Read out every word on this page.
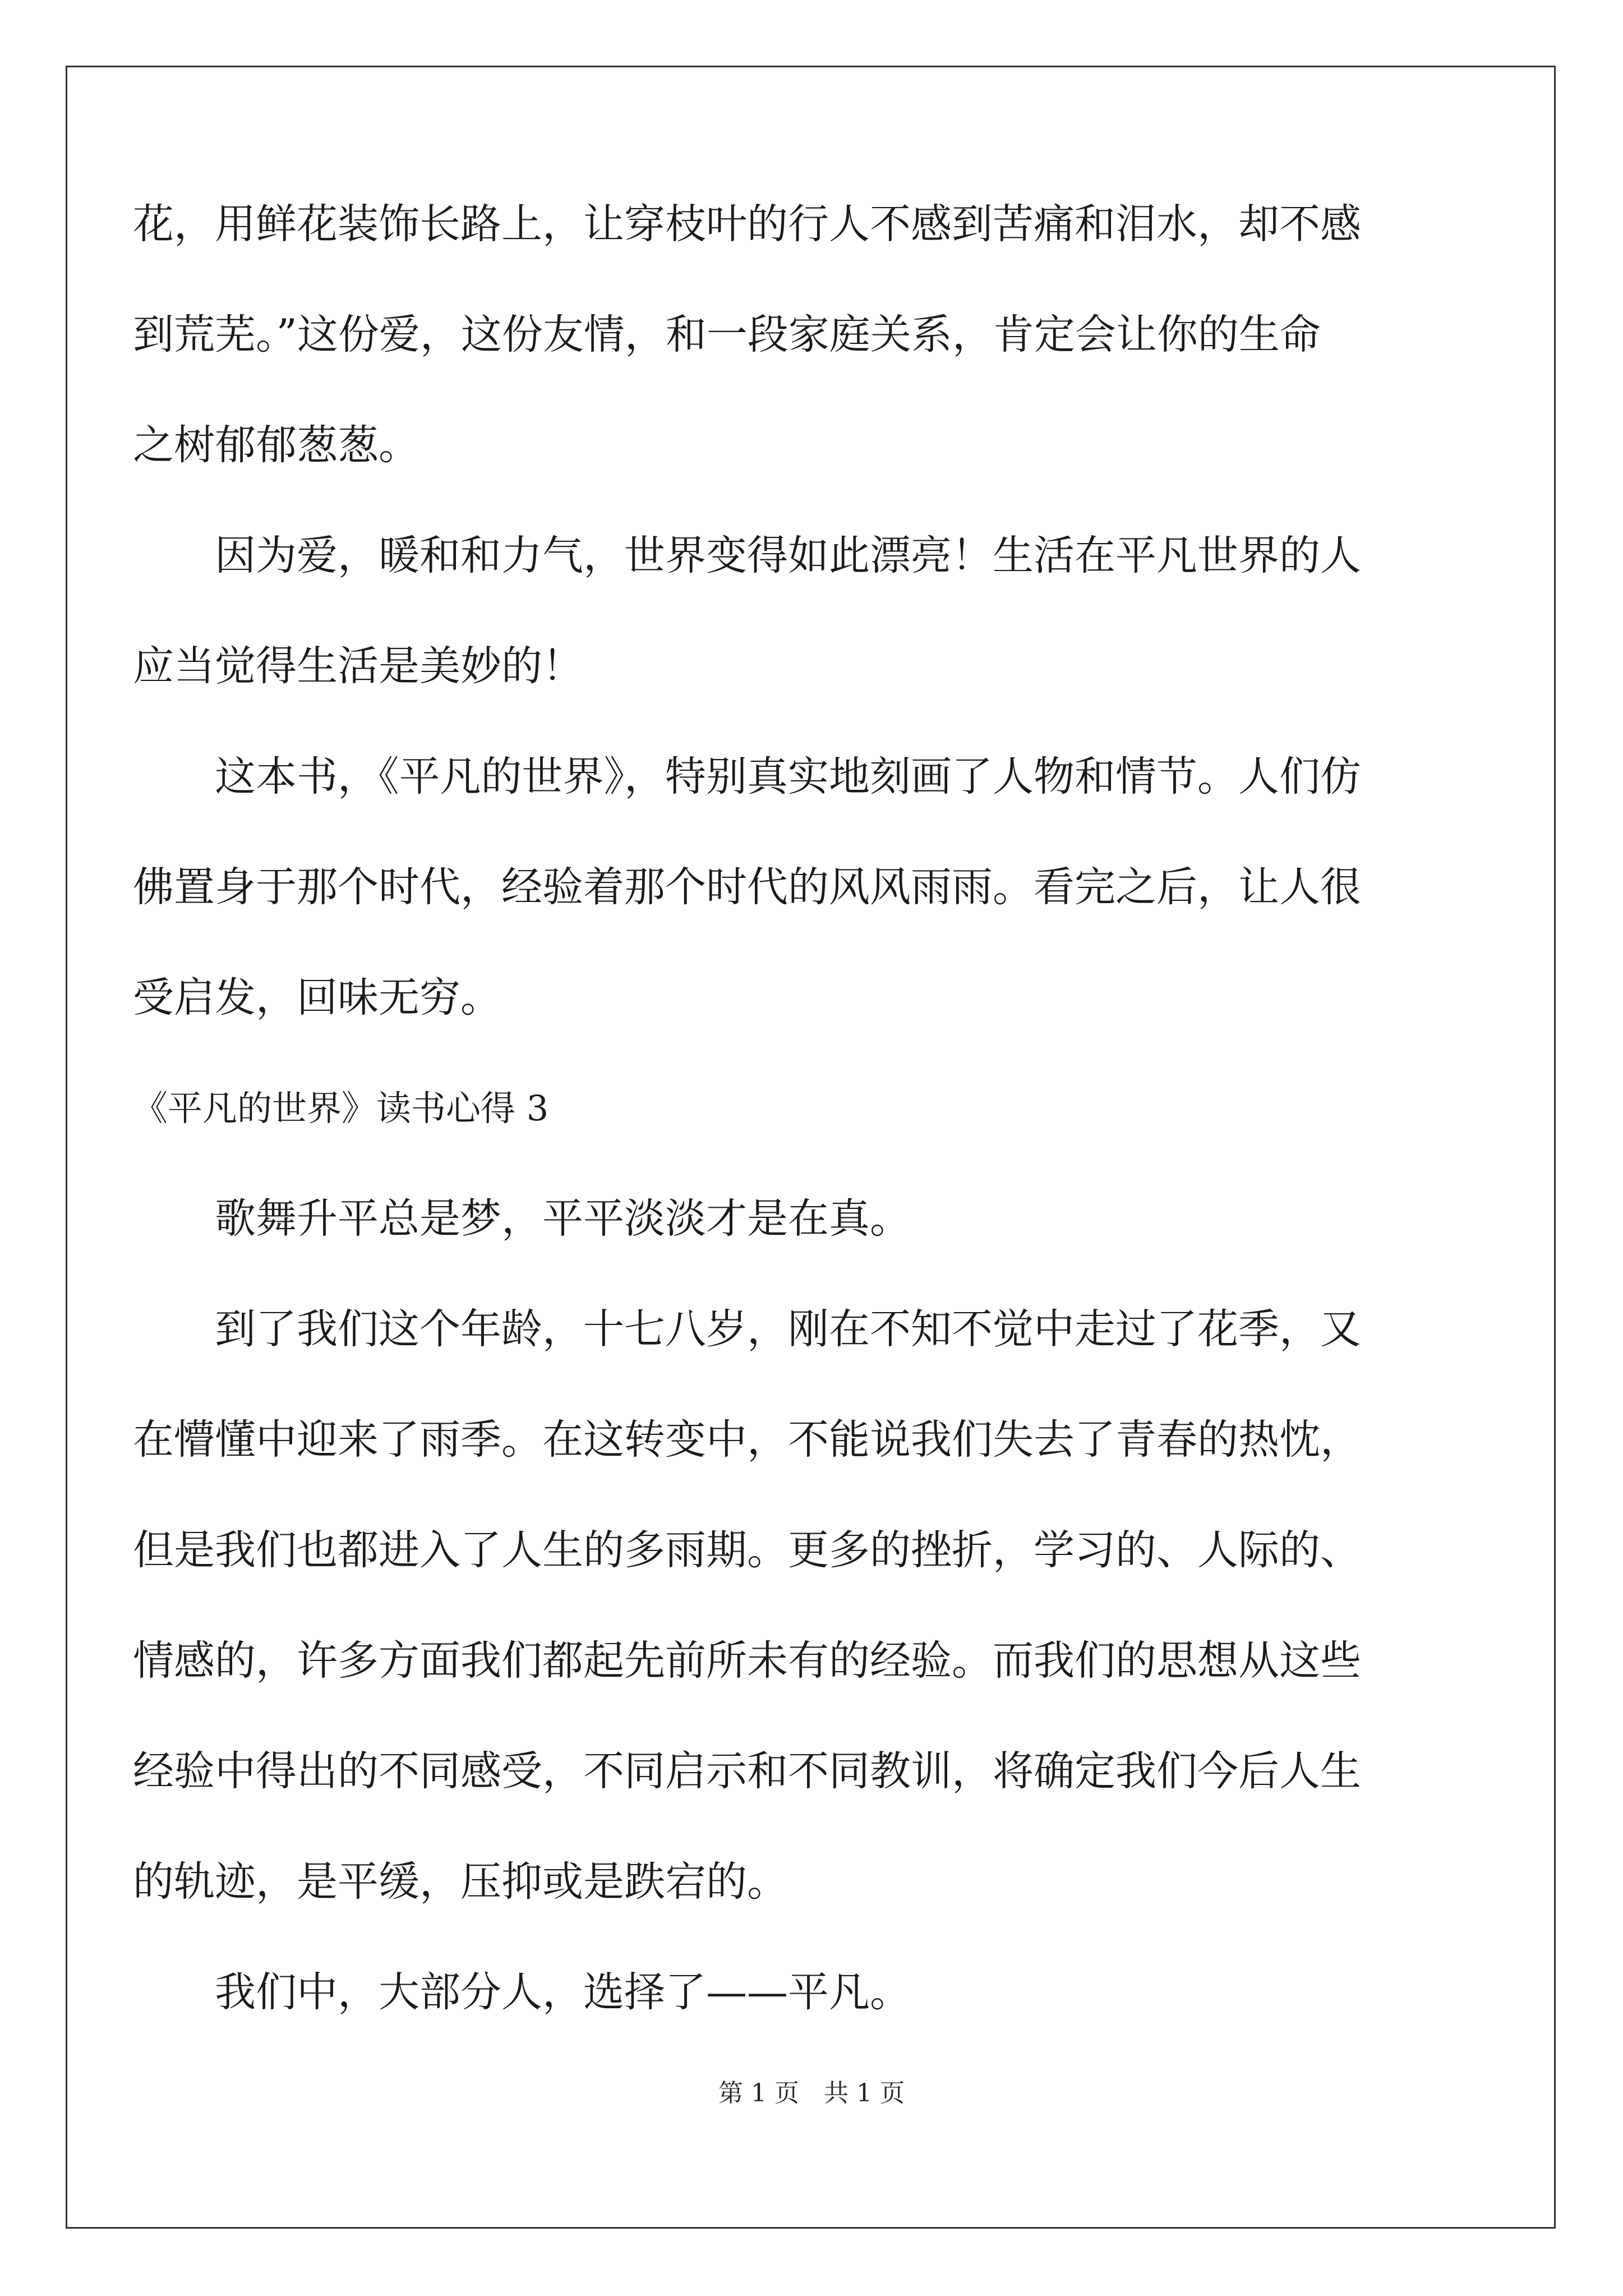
花，用鲜花装饰长路上，让穿枝叶的行人不感到苦痛和泪水，却不感
到荒芜。”这份爱，这份友情，和一段家庭关系，肯定会让你的生命
之树郁郁葱葱。
因为爱，暖和和力气，世界变得如此漂亮！生活在平凡世界的人
应当觉得生活是美妙的！
这本书，《平凡的世界》，特别真实地刻画了人物和情节。人们仿
佛置身于那个时代，经验着那个时代的风风雨雨。看完之后，让人很
受启发，回味无穷。
《平凡的世界》读书心得 3
歌舞升平总是梦，平平淡淡才是在真。
到了我们这个年龄，十七八岁，刚在不知不觉中走过了花季，又
在懵懂中迎来了雨季。在这转变中，不能说我们失去了青春的热忱，
但是我们也都进入了人生的多雨期。更多的挫折，学习的、人际的、
情感的，许多方面我们都起先前所未有的经验。而我们的思想从这些
经验中得出的不同感受，不同启示和不同教训，将确定我们今后人生
的轨迹，是平缓，压抑或是跌宕的。
我们中，大部分人，选择了——平凡。
第 1 页　共 1 页
